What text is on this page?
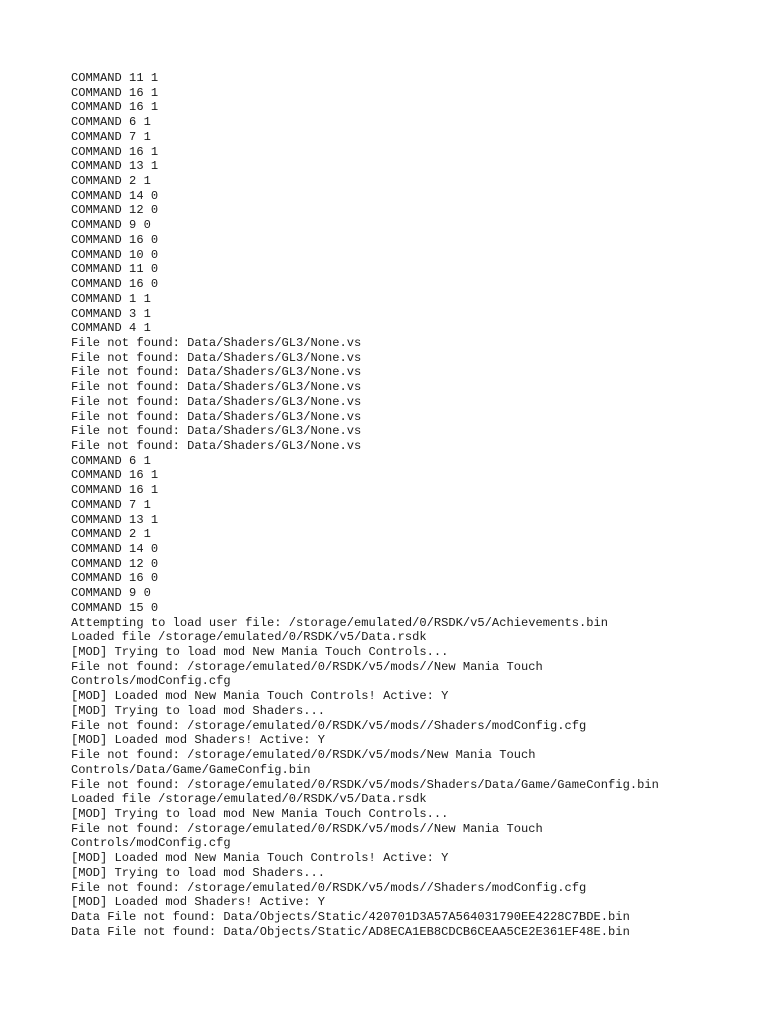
COMMAND 11 1
COMMAND 16 1
COMMAND 16 1
COMMAND 6 1
COMMAND 7 1
COMMAND 16 1
COMMAND 13 1
COMMAND 2 1
COMMAND 14 0
COMMAND 12 0
COMMAND 9 0
COMMAND 16 0
COMMAND 10 0
COMMAND 11 0
COMMAND 16 0
COMMAND 1 1
COMMAND 3 1
COMMAND 4 1
File not found: Data/Shaders/GL3/None.vs
File not found: Data/Shaders/GL3/None.vs
File not found: Data/Shaders/GL3/None.vs
File not found: Data/Shaders/GL3/None.vs
File not found: Data/Shaders/GL3/None.vs
File not found: Data/Shaders/GL3/None.vs
File not found: Data/Shaders/GL3/None.vs
File not found: Data/Shaders/GL3/None.vs
COMMAND 6 1
COMMAND 16 1
COMMAND 16 1
COMMAND 7 1
COMMAND 13 1
COMMAND 2 1
COMMAND 14 0
COMMAND 12 0
COMMAND 16 0
COMMAND 9 0
COMMAND 15 0
Attempting to load user file: /storage/emulated/0/RSDK/v5/Achievements.bin
Loaded file /storage/emulated/0/RSDK/v5/Data.rsdk
[MOD] Trying to load mod New Mania Touch Controls...
File not found: /storage/emulated/0/RSDK/v5/mods//New Mania Touch
Controls/modConfig.cfg
[MOD] Loaded mod New Mania Touch Controls! Active: Y
[MOD] Trying to load mod Shaders...
File not found: /storage/emulated/0/RSDK/v5/mods//Shaders/modConfig.cfg
[MOD] Loaded mod Shaders! Active: Y
File not found: /storage/emulated/0/RSDK/v5/mods/New Mania Touch
Controls/Data/Game/GameConfig.bin
File not found: /storage/emulated/0/RSDK/v5/mods/Shaders/Data/Game/GameConfig.bin
Loaded file /storage/emulated/0/RSDK/v5/Data.rsdk
[MOD] Trying to load mod New Mania Touch Controls...
File not found: /storage/emulated/0/RSDK/v5/mods//New Mania Touch
Controls/modConfig.cfg
[MOD] Loaded mod New Mania Touch Controls! Active: Y
[MOD] Trying to load mod Shaders...
File not found: /storage/emulated/0/RSDK/v5/mods//Shaders/modConfig.cfg
[MOD] Loaded mod Shaders! Active: Y
Data File not found: Data/Objects/Static/420701D3A57A564031790EE4228C7BDE.bin
Data File not found: Data/Objects/Static/AD8ECA1EB8CDCB6CEAA5CE2E361EF48E.bin
